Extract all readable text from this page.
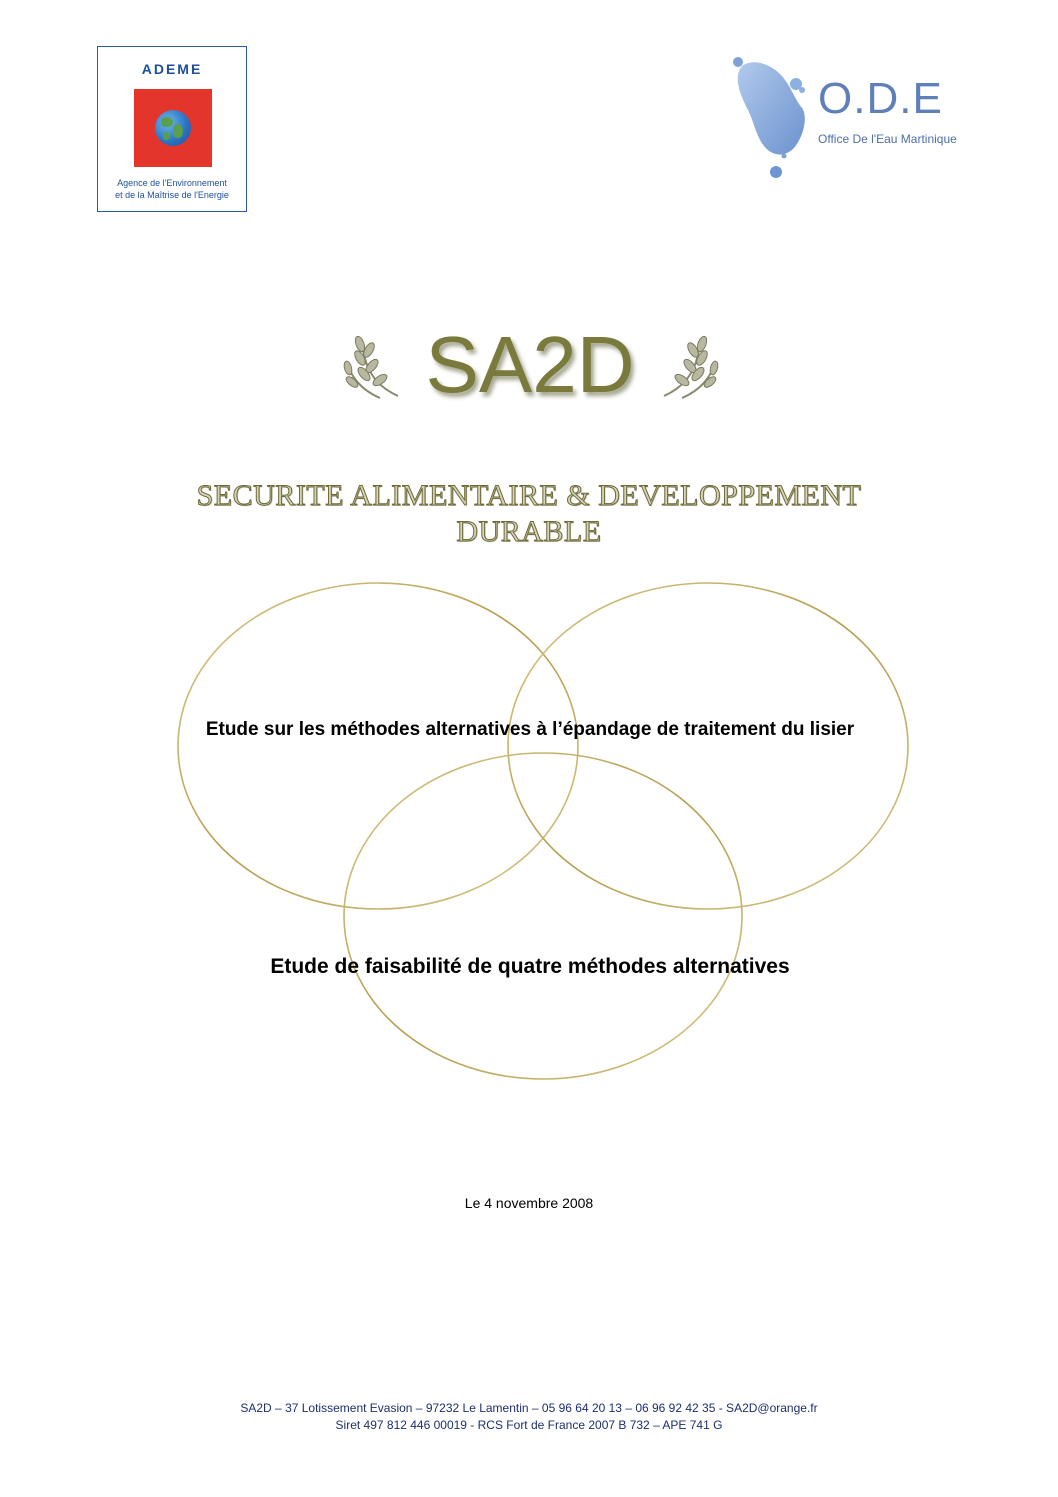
ADEME
Agence de l'Environnement
et de la Maîtrise de l'Energie
O.D.E
Office De l'Eau Martinique
SA2D
SECURITE ALIMENTAIRE & DEVELOPPEMENT
DURABLE
Etude sur les méthodes alternatives à l’épandage de traitement du lisier
Etude de faisabilité de quatre méthodes alternatives
Le 4 novembre 2008
SA2D – 37 Lotissement Evasion – 97232 Le Lamentin – 05 96 64 20 13 – 06 96 92 42 35 - SA2D@orange.fr
Siret 497 812 446 00019 - RCS Fort de France 2007 B 732 – APE 741 G
